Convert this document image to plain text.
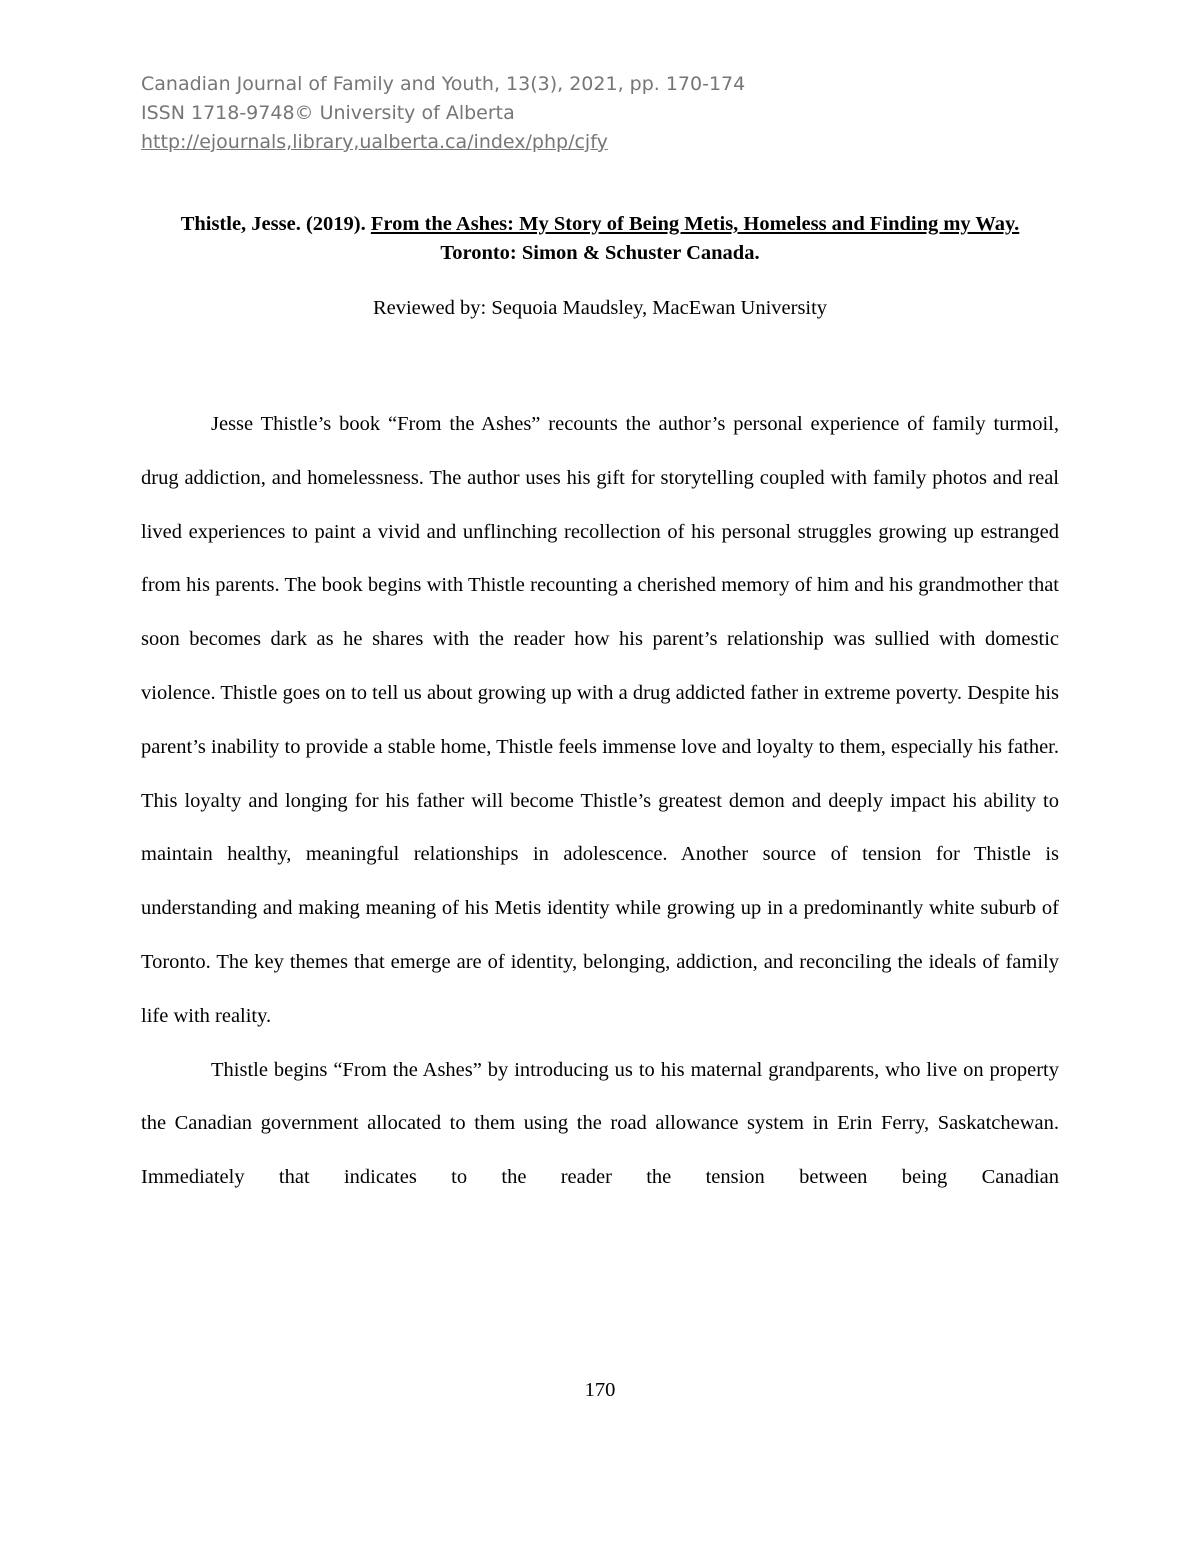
Canadian Journal of Family and Youth, 13(3), 2021, pp. 170-174
ISSN 1718-9748© University of Alberta
http://ejournals,library,ualberta.ca/index/php/cjfy
Thistle, Jesse. (2019). From the Ashes: My Story of Being Metis, Homeless and Finding my Way. Toronto: Simon & Schuster Canada.
Reviewed by: Sequoia Maudsley, MacEwan University

Jesse Thistle’s book “From the Ashes” recounts the author’s personal experience of family turmoil, drug addiction, and homelessness. The author uses his gift for storytelling coupled with family photos and real lived experiences to paint a vivid and unflinching recollection of his personal struggles growing up estranged from his parents. The book begins with Thistle recounting a cherished memory of him and his grandmother that soon becomes dark as he shares with the reader how his parent’s relationship was sullied with domestic violence. Thistle goes on to tell us about growing up with a drug addicted father in extreme poverty. Despite his parent’s inability to provide a stable home, Thistle feels immense love and loyalty to them, especially his father. This loyalty and longing for his father will become Thistle’s greatest demon and deeply impact his ability to maintain healthy, meaningful relationships in adolescence. Another source of tension for Thistle is understanding and making meaning of his Metis identity while growing up in a predominantly white suburb of Toronto. The key themes that emerge are of identity, belonging, addiction, and reconciling the ideals of family life with reality.

Thistle begins “From the Ashes” by introducing us to his maternal grandparents, who live on property the Canadian government allocated to them using the road allowance system in Erin Ferry, Saskatchewan. Immediately that indicates to the reader the tension between being Canadian

170
